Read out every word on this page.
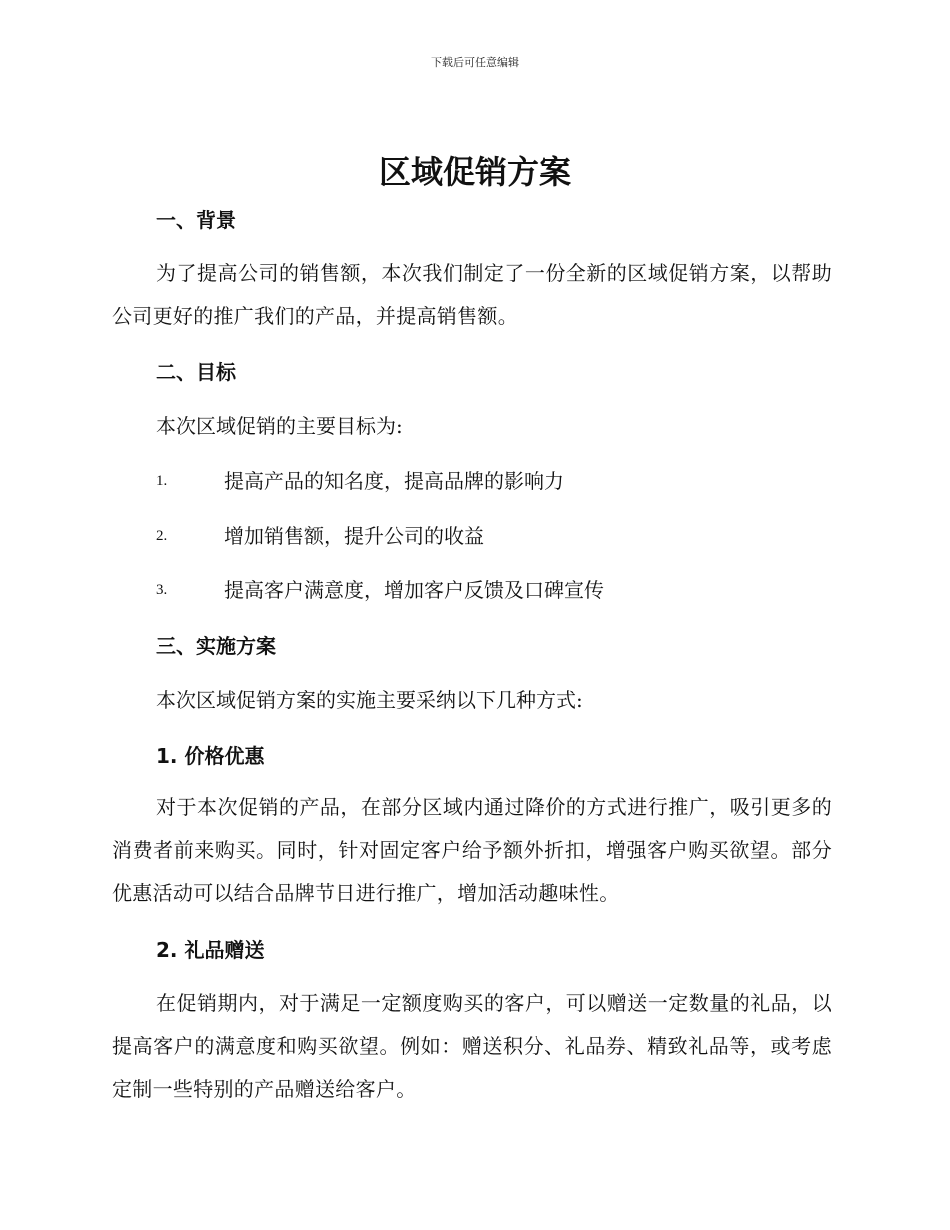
下载后可任意编辑
区域促销方案
一、背景
为了提高公司的销售额，本次我们制定了一份全新的区域促销方案，以帮助公司更好的推广我们的产品，并提高销售额。
二、目标
本次区域促销的主要目标为:
1.	提高产品的知名度，提高品牌的影响力
2.	增加销售额，提升公司的收益
3.	提高客户满意度，增加客户反馈及口碑宣传
三、实施方案
本次区域促销方案的实施主要采纳以下几种方式:
1. 价格优惠
对于本次促销的产品，在部分区域内通过降价的方式进行推广，吸引更多的消费者前来购买。同时，针对固定客户给予额外折扣，增强客户购买欲望。部分优惠活动可以结合品牌节日进行推广，增加活动趣味性。
2. 礼品赠送
在促销期内，对于满足一定额度购买的客户，可以赠送一定数量的礼品，以提高客户的满意度和购买欲望。例如：赠送积分、礼品券、精致礼品等，或考虑定制一些特别的产品赠送给客户。
